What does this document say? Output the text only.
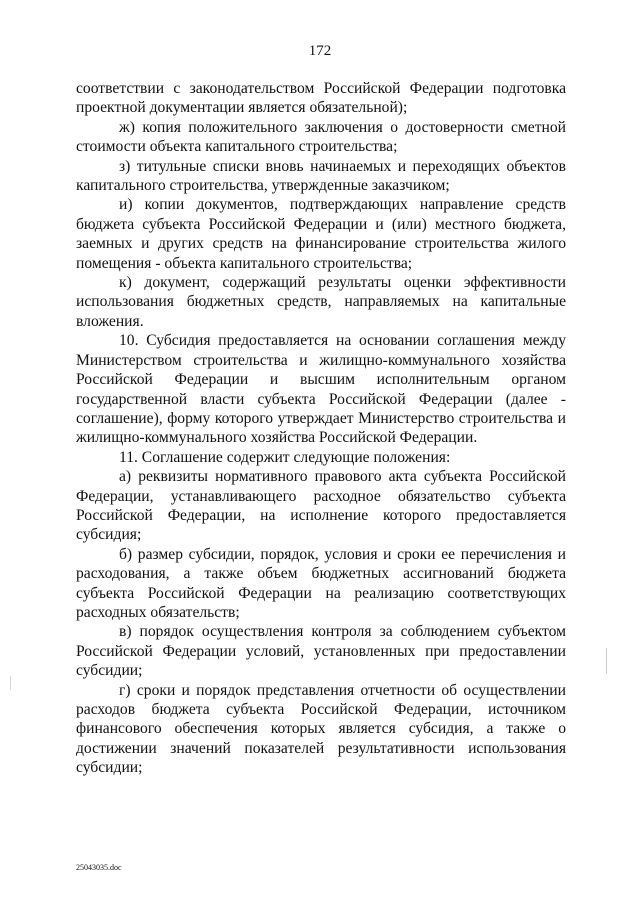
172

соответствии с законодательством Российской Федерации подготовка проектной документации является обязательной);

ж) копия положительного заключения о достоверности сметной стоимости объекта капитального строительства;

з) титульные списки вновь начинаемых и переходящих объектов капитального строительства, утвержденные заказчиком;

и) копии документов, подтверждающих направление средств бюджета субъекта Российской Федерации и (или) местного бюджета, заемных и других средств на финансирование строительства жилого помещения - объекта капитального строительства;

к) документ, содержащий результаты оценки эффективности использования бюджетных средств, направляемых на капитальные вложения.

10. Субсидия предоставляется на основании соглашения между Министерством строительства и жилищно-коммунального хозяйства Российской Федерации и высшим исполнительным органом государственной власти субъекта Российской Федерации (далее - соглашение), форму которого утверждает Министерство строительства и жилищно-коммунального хозяйства Российской Федерации.

11. Соглашение содержит следующие положения:

а) реквизиты нормативного правового акта субъекта Российской Федерации, устанавливающего расходное обязательство субъекта Российской Федерации, на исполнение которого предоставляется субсидия;

б) размер субсидии, порядок, условия и сроки ее перечисления и расходования, а также объем бюджетных ассигнований бюджета субъекта Российской Федерации на реализацию соответствующих расходных обязательств;

в) порядок осуществления контроля за соблюдением субъектом Российской Федерации условий, установленных при предоставлении субсидии;

г) сроки и порядок представления отчетности об осуществлении расходов бюджета субъекта Российской Федерации, источником финансового обеспечения которых является субсидия, а также о достижении значений показателей результативности использования субсидии;

25043035.doc
